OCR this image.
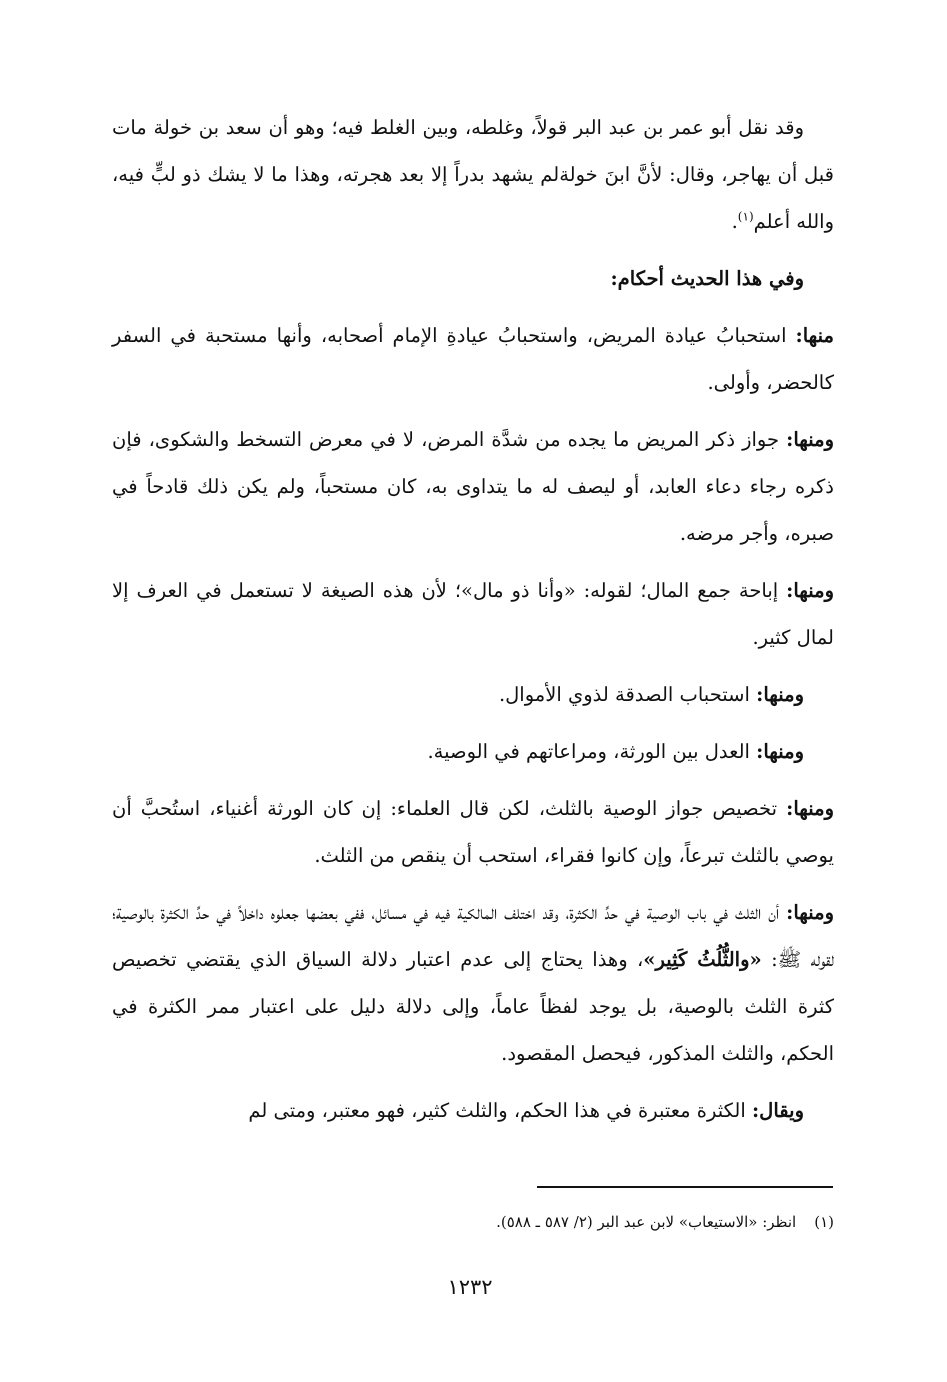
وقد نقل أبو عمر بن عبد البر قولاً، وغلطه، وبين الغلط فيه؛ وهو أن سعد بن خولة مات قبل أن يهاجر، وقال: لأنَّ ابنَ خولةلم يشهد بدراً إلا بعد هجرته، وهذا ما لا يشك ذو لبٍّ فيه، والله أعلم$^{(١)}$.

وفي هذا الحديث أحكام:

منها: استحبابُ عيادة المريض، واستحبابُ عيادةِ الإمام أصحابه، وأنها مستحبة في السفر كالحضر، وأولى.

ومنها: جواز ذكر المريض ما يجده من شدَّة المرض، لا في معرض التسخط والشكوى، فإن ذكره رجاء دعاء العابد، أو ليصف له ما يتداوى به، كان مستحباً، ولم يكن ذلك قادحاً في صبره، وأجر مرضه.

ومنها: إباحة جمع المال؛ لقوله: «وأنا ذو مال»؛ لأن هذه الصيغة لا تستعمل في العرف إلا لمال كثير.

ومنها: استحباب الصدقة لذوي الأموال.

ومنها: العدل بين الورثة، ومراعاتهم في الوصية.

ومنها: تخصيص جواز الوصية بالثلث، لكن قال العلماء: إن كان الورثة أغنياء، استُحبَّ أن يوصي بالثلث تبرعاً، وإن كانوا فقراء، استحب أن ينقص من الثلث.

ومنها: أن الثلث في باب الوصية في حدِّ الكثرة، وقد اختلف المالكية فيه في مسائل، ففي بعضها جعلوه داخلاً في حدِّ الكثرة بالوصية؛ لقوله ﷺ: «والثُّلُثُ كَثِير»، وهذا يحتاج إلى عدم اعتبار دلالة السياق الذي يقتضي تخصيص كثرة الثلث بالوصية، بل يوجد لفظاً عاماً، وإلى دلالة دليل على اعتبار ممر الكثرة في الحكم، والثلث المذكور، فيحصل المقصود.

ويقال: الكثرة معتبرة في هذا الحكم، والثلث كثير، فهو معتبر، ومتى لم

(١)انظر: «الاستيعاب» لابن عبد البر (٢/ ٥٨٧ ـ ٥٨٨).
١٢٣٢
